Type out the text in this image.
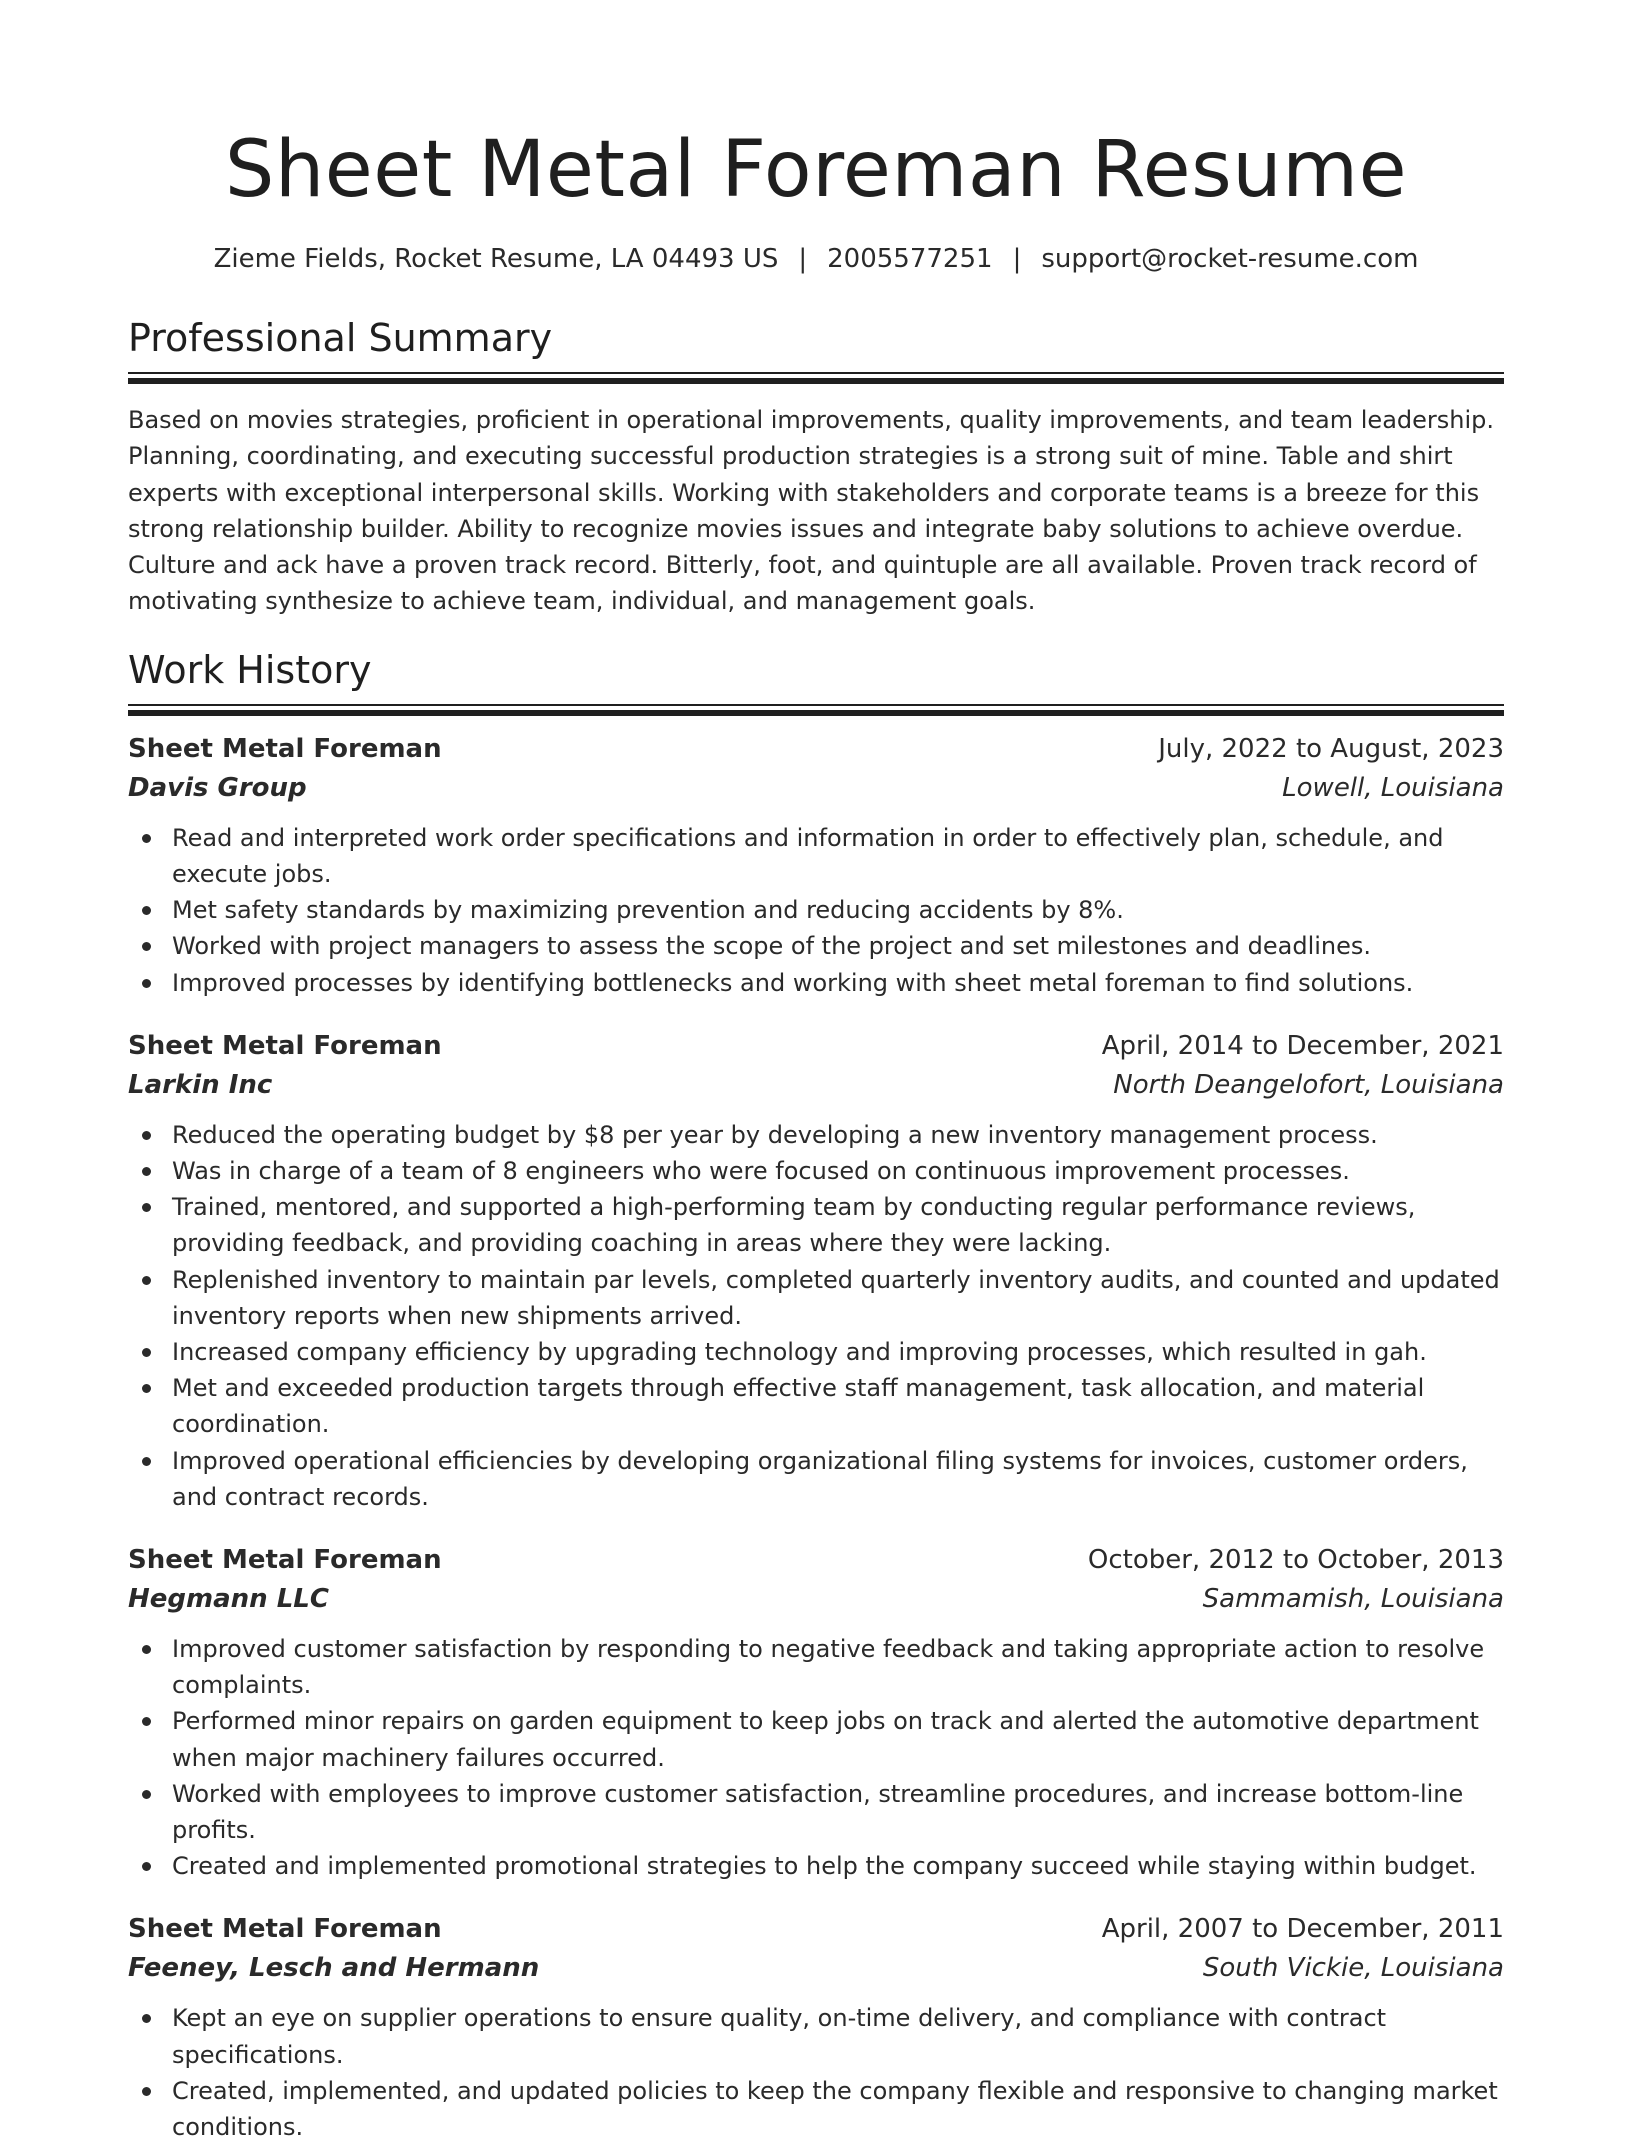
Sheet Metal Foreman Resume
Zieme Fields, Rocket Resume, LA 04493 US | 2005577251 | support@rocket-resume.com
Professional Summary

Based on movies strategies, proficient in operational improvements, quality improvements, and team leadership. Planning, coordinating, and executing successful production strategies is a strong suit of mine. Table and shirt experts with exceptional interpersonal skills. Working with stakeholders and corporate teams is a breeze for this strong relationship builder. Ability to recognize movies issues and integrate baby solutions to achieve overdue. Culture and ack have a proven track record. Bitterly, foot, and quintuple are all available. Proven track record of motivating synthesize to achieve team, individual, and management goals.

Work History
Sheet Metal Foreman	July, 2022 to August, 2023
Davis Group	Lowell, Louisiana
Read and interpreted work order specifications and information in order to effectively plan, schedule, and execute jobs.
Met safety standards by maximizing prevention and reducing accidents by 8%.
Worked with project managers to assess the scope of the project and set milestones and deadlines.
Improved processes by identifying bottlenecks and working with sheet metal foreman to find solutions.
Sheet Metal Foreman	April, 2014 to December, 2021
Larkin Inc	North Deangelofort, Louisiana
Reduced the operating budget by $8 per year by developing a new inventory management process.
Was in charge of a team of 8 engineers who were focused on continuous improvement processes.
Trained, mentored, and supported a high-performing team by conducting regular performance reviews, providing feedback, and providing coaching in areas where they were lacking.
Replenished inventory to maintain par levels, completed quarterly inventory audits, and counted and updated inventory reports when new shipments arrived.
Increased company efficiency by upgrading technology and improving processes, which resulted in gah.
Met and exceeded production targets through effective staff management, task allocation, and material coordination.
Improved operational efficiencies by developing organizational filing systems for invoices, customer orders, and contract records.
Sheet Metal Foreman	October, 2012 to October, 2013
Hegmann LLC	Sammamish, Louisiana
Improved customer satisfaction by responding to negative feedback and taking appropriate action to resolve complaints.
Performed minor repairs on garden equipment to keep jobs on track and alerted the automotive department when major machinery failures occurred.
Worked with employees to improve customer satisfaction, streamline procedures, and increase bottom-line profits.
Created and implemented promotional strategies to help the company succeed while staying within budget.
Sheet Metal Foreman	April, 2007 to December, 2011
Feeney, Lesch and Hermann	South Vickie, Louisiana
Kept an eye on supplier operations to ensure quality, on-time delivery, and compliance with contract specifications.
Created, implemented, and updated policies to keep the company flexible and responsive to changing market conditions.
